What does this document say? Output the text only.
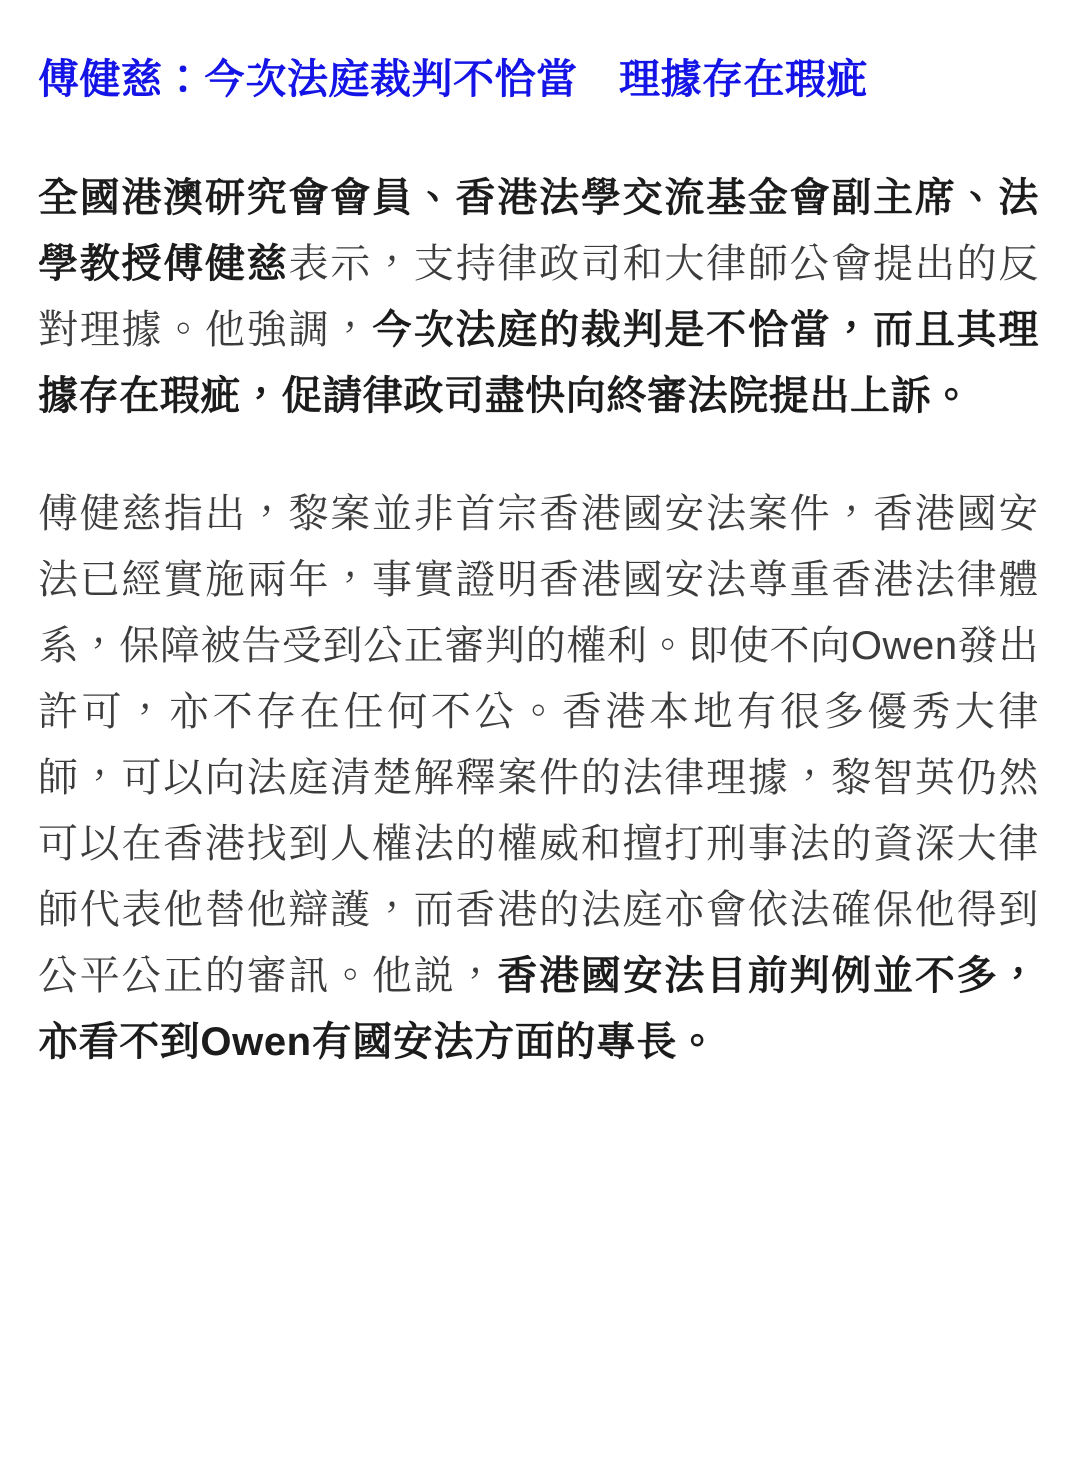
傅健慈：今次法庭裁判不恰當　理據存在瑕疵

全國港澳研究會會員、香港法學交流基金會副主席、法學教授傅健慈表示，支持律政司和大律師公會提出的反對理據。他強調，今次法庭的裁判是不恰當，而且其理據存在瑕疵，促請律政司盡快向終審法院提出上訴。

傅健慈指出，黎案並非首宗香港國安法案件，香港國安法已經實施兩年，事實證明香港國安法尊重香港法律體系，保障被告受到公正審判的權利。即使不向Owen發出許可，亦不存在任何不公。香港本地有很多優秀大律師，可以向法庭清楚解釋案件的法律理據，黎智英仍然可以在香港找到人權法的權威和擅打刑事法的資深大律師代表他替他辯護，而香港的法庭亦會依法確保他得到公平公正的審訊。他説，香港國安法目前判例並不多，亦看不到Owen有國安法方面的專長。
